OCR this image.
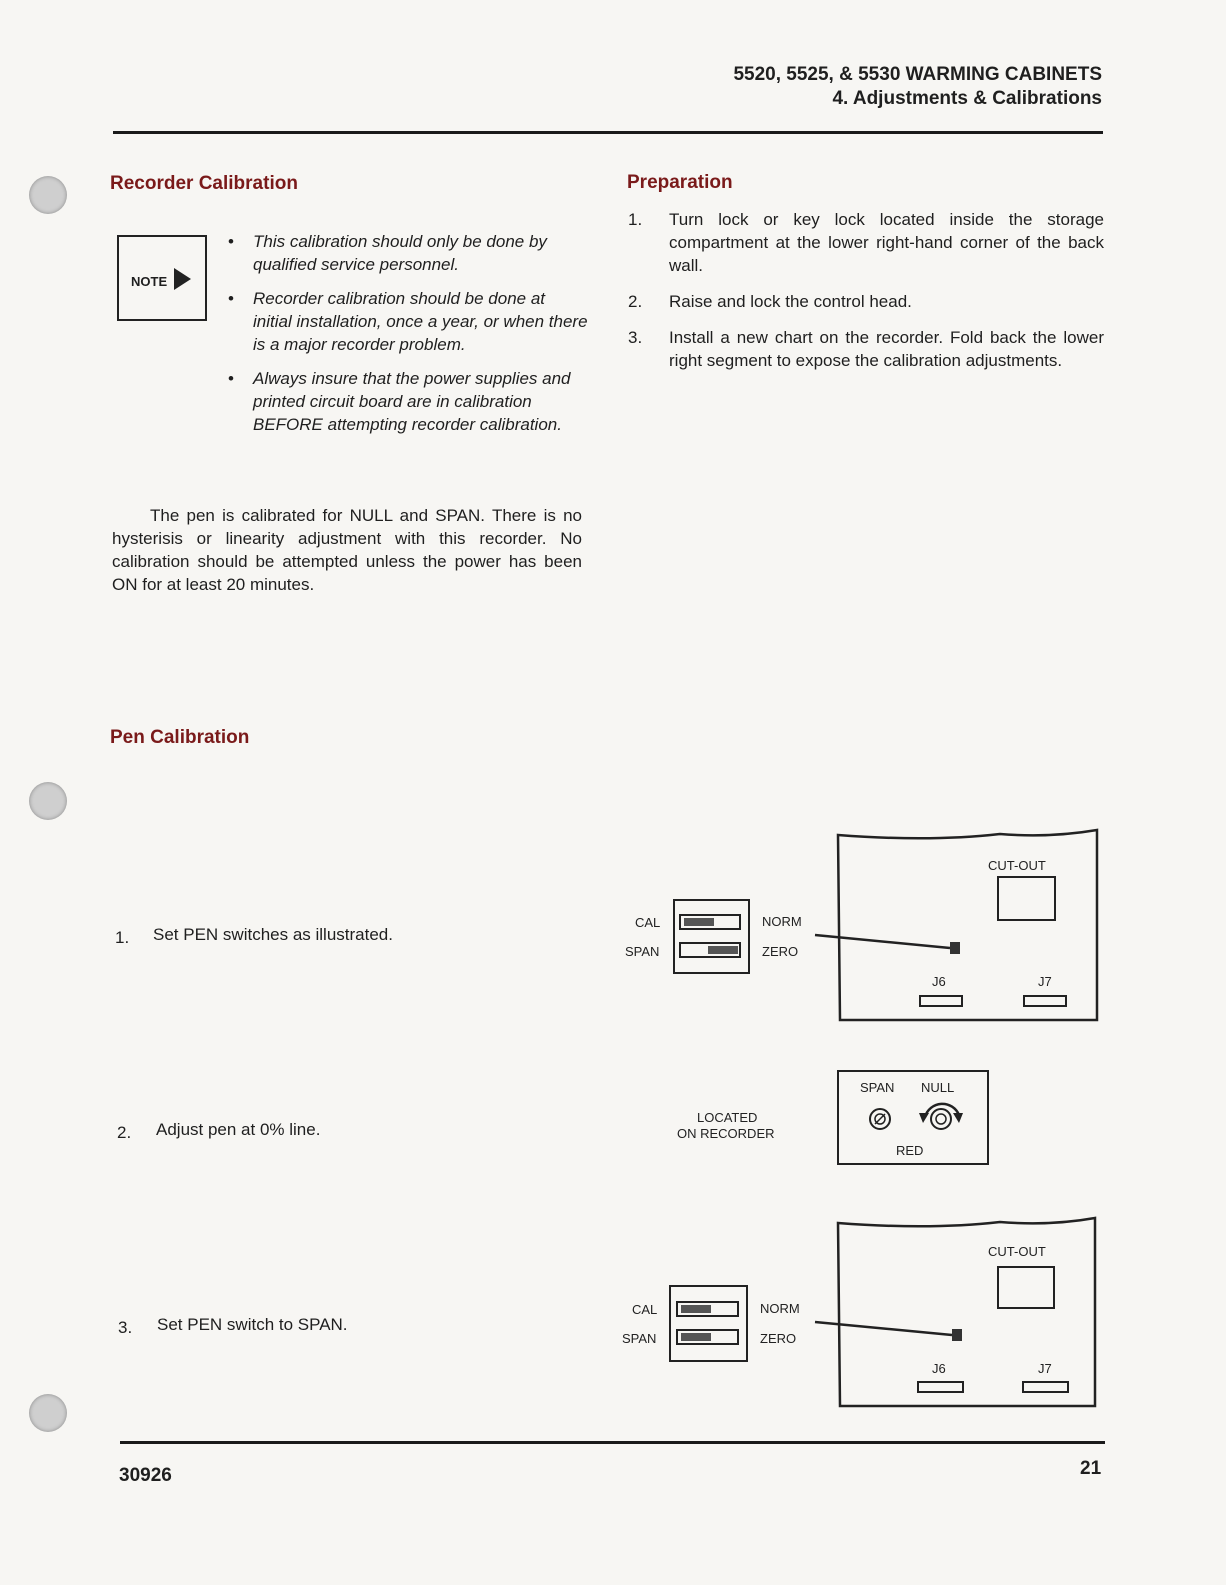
5520, 5525, & 5530 WARMING CABINETS
4. Adjustments & Calibrations
Recorder Calibration
NOTE
• This calibration should only be done by qualified service personnel.
• Recorder calibration should be done at initial installation, once a year, or when there is a major recorder problem.
• Always insure that the power supplies and printed circuit board are in calibration BEFORE attempting recorder calibration.
The pen is calibrated for NULL and SPAN. There is no hysterisis or linearity adjustment with this recorder. No calibration should be attempted unless the power has been ON for at least 20 minutes.
Pen Calibration
1. Set PEN switches as illustrated.
2. Adjust pen at 0% line.
3. Set PEN switch to SPAN.
Preparation
1. Turn lock or key lock located inside the storage compartment at the lower right-hand corner of the back wall.
2. Raise and lock the control head.
3. Install a new chart on the recorder. Fold back the lower right segment to expose the calibration adjustments.
CAL
SPAN
NORM
ZERO
CUT-OUT
J6	J7
LOCATED
ON RECORDER
SPAN NULL
RED
CAL
SPAN
NORM
ZERO
CUT-OUT
J6	J7
30926	21
